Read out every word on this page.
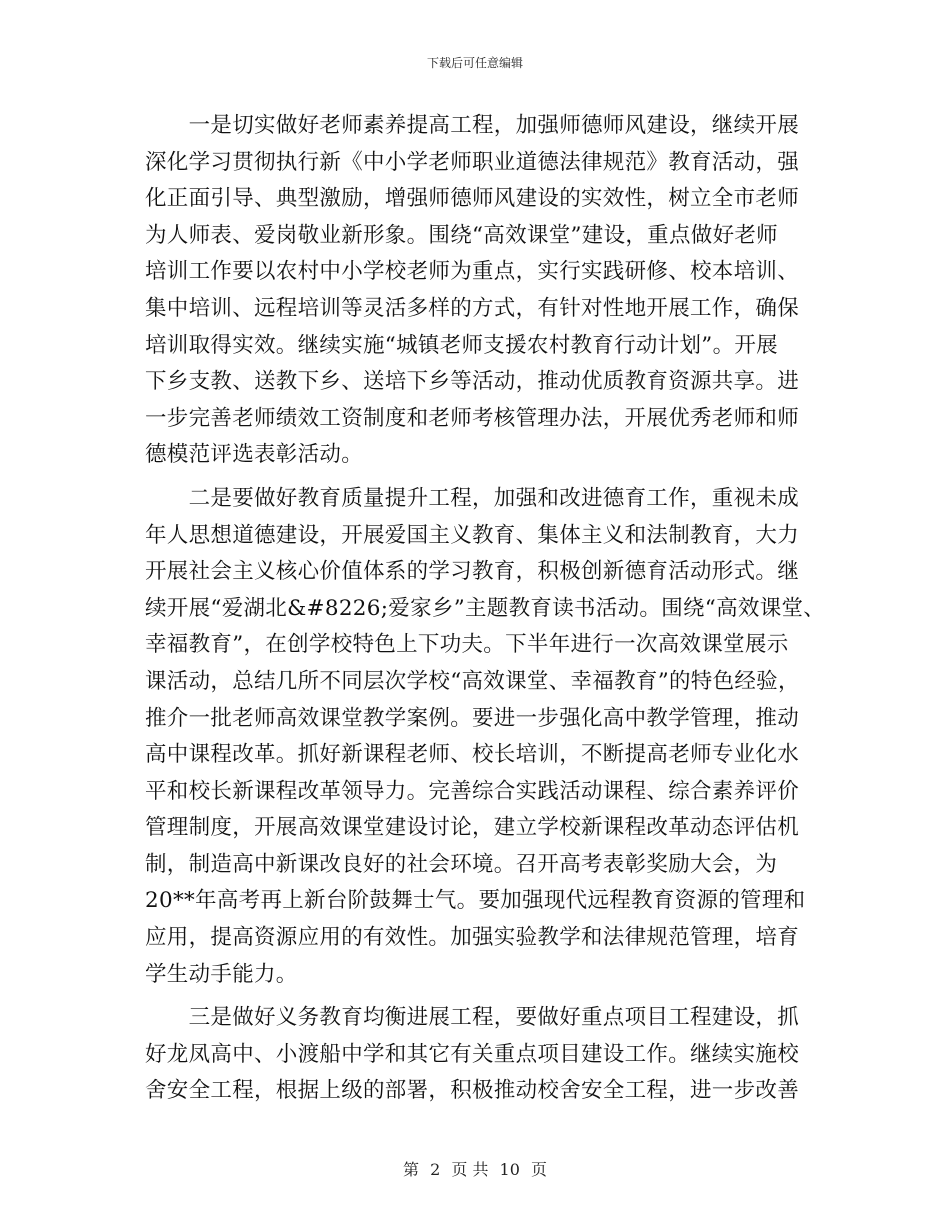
下载后可任意编辑

　　一是切实做好老师素养提高工程，加强师德师风建设，继续开展

深化学习贯彻执行新《中小学老师职业道德法律规范》教育活动，强

化正面引导、典型激励，增强师德师风建设的实效性，树立全市老师

为人师表、爱岗敬业新形象。围绕“高效课堂”建设，重点做好老师

培训工作要以农村中小学校老师为重点，实行实践研修、校本培训、

集中培训、远程培训等灵活多样的方式，有针对性地开展工作，确保

培训取得实效。继续实施“城镇老师支援农村教育行动计划”。开展

下乡支教、送教下乡、送培下乡等活动，推动优质教育资源共享。进

一步完善老师绩效工资制度和老师考核管理办法，开展优秀老师和师

德模范评选表彰活动。

　　二是要做好教育质量提升工程，加强和改进德育工作，重视未成

年人思想道德建设，开展爱国主义教育、集体主义和法制教育，大力

开展社会主义核心价值体系的学习教育，积极创新德育活动形式。继

续开展“爱湖北&#8226;爱家乡”主题教育读书活动。围绕“高效课堂、

幸福教育”，在创学校特色上下功夫。下半年进行一次高效课堂展示

课活动，总结几所不同层次学校“高效课堂、幸福教育”的特色经验，

推介一批老师高效课堂教学案例。要进一步强化高中教学管理，推动

高中课程改革。抓好新课程老师、校长培训，不断提高老师专业化水

平和校长新课程改革领导力。完善综合实践活动课程、综合素养评价

管理制度，开展高效课堂建设讨论，建立学校新课程改革动态评估机

制，制造高中新课改良好的社会环境。召开高考表彰奖励大会，为

20**年高考再上新台阶鼓舞士气。要加强现代远程教育资源的管理和

应用，提高资源应用的有效性。加强实验教学和法律规范管理，培育

学生动手能力。

　　三是做好义务教育均衡进展工程，要做好重点项目工程建设，抓

好龙凤高中、小渡船中学和其它有关重点项目建设工作。继续实施校

舍安全工程，根据上级的部署，积极推动校舍安全工程，进一步改善

第 2 页 共 10 页
